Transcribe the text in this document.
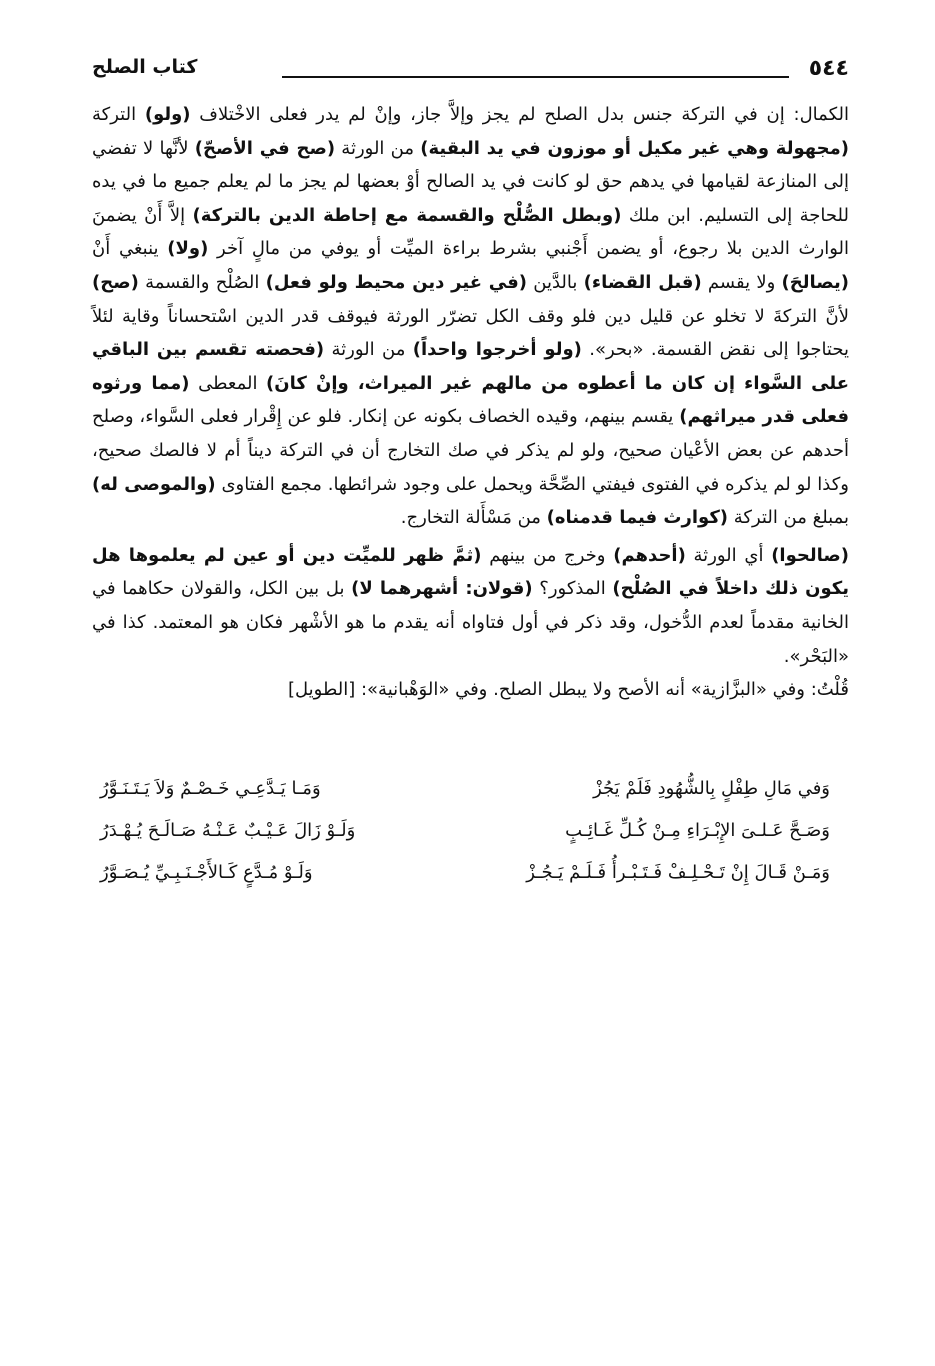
٥٤٤
كتاب الصلح

الكمال: إن في التركة جنس بدل الصلح لم يجز وإلاَّ جاز، وإنْ لم يدر فعلى الاخْتلاف (ولو) التركة (مجهولة وهي غير مكيل أو موزون في يد البقية) من الورثة (صح في الأصحّ) لأنَّها لا تفضي إلى المنازعة لقيامها في يدهم حق لو كانت في يد الصالح أوْ بعضها لم يجز ما لم يعلم جميع ما في يده للحاجة إلى التسليم. ابن ملك (وبطل الصُّلْح والقسمة مع إحاطة الدين بالتركة) إلاَّ أَنْ يضمنَ الوارث الدين بلا رجوع، أو يضمن أَجْنبي بشرط براءة الميِّت أو يوفي من مالٍ آخر (ولا) ينبغي أَنْ (يصالحَ) ولا يقسم (قبل القضاء) بالدَّين (في غير دين محيط ولو فعل) الصُلْح والقسمة (صح) لأنَّ التركةَ لا تخلو عن قليل دين فلو وقف الكل تضرّر الورثة فيوقف قدر الدين اسْتحساناً وقاية لئلاً يحتاجوا إلى نقض القسمة. «بحر». (ولو أخرجوا واحداً) من الورثة (فحصته تقسم بين الباقي على السَّواء إن كان ما أعطوه من مالهم غير الميراث، وإنْ كانَ) المعطى (مما ورثوه فعلى قدر ميراثهم) يقسم بينهم، وقيده الخصاف بكونه عن إنكار. فلو عن إِقْرار فعلى السَّواء، وصلح أحدهم عن بعض الأعْيان صحيح، ولو لم يذكر في صك التخارج أن في التركة ديناً أم لا فالصك صحيح، وكذا لو لم يذكره في الفتوى فيفتي الصِّحَّة ويحمل على وجود شرائطها. مجمع الفتاوى (والموصى له) بمبلغ من التركة (كوارث فيما قدمناه) من مَسْأَلة التخارج.

(صالحوا) أي الورثة (أحدهم) وخرج من بينهم (ثمَّ ظهر للميِّت دين أو عين لم يعلموها هل يكون ذلك داخلاً في الصُلْح) المذكور؟ (قولان: أشهرهما لا) بل بين الكل، والقولان حكاهما في الخانية مقدماً لعدم الدُّخول، وقد ذكر في أول فتاواه أنه يقدم ما هو الأشْهر فكان هو المعتمد. كذا في «البَحْر».

قُلْتُ: وفي «البزَّازية» أنه الأصح ولا يبطل الصلح. وفي «الوَهْبانية»: [الطويل]

وَفي مَالِ طِفْلٍ بِالشُّهُودِ فَلَمْ يَجُزْ
وَمَـا يَـدَّعِـي خَـصْـمٌ وَلاَ يَـتَـنَـوَّرُ
وَصَـحَّ عَـلـىَ الإِبْـرَاءِ مِـنْ كُـلِّ غَـائِـبٍ
وَلَـوْ زَالَ عَـيْـبٌ عَـنْـهُ صَـالَـحَ يُـهْـدَرُ
وَمَـنْ قَـالَ إِنْ تَـحْـلِـفْ فَـتَـبْـرأُ فَـلَـمْ يَـجُـزْ
وَلَـوْ مُـدَّعٍ كَـالأَجْـنَـبِـيِّ يُـصَـوَّرُ
